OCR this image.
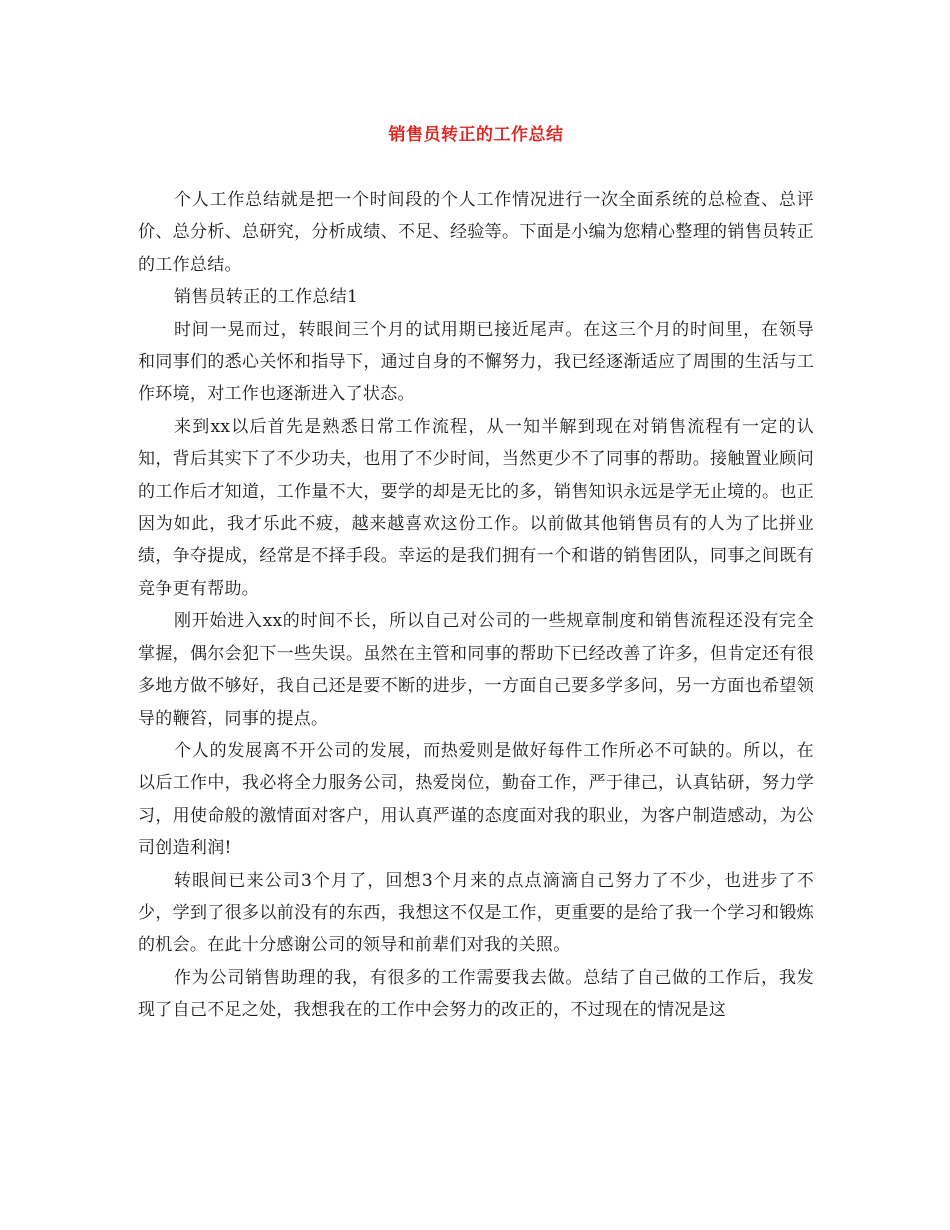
销售员转正的工作总结

个人工作总结就是把一个时间段的个人工作情况进行一次全面系统的总检查、总评价、总分析、总研究，分析成绩、不足、经验等。下面是小编为您精心整理的销售员转正的工作总结。

销售员转正的工作总结1

时间一晃而过，转眼间三个月的试用期已接近尾声。在这三个月的时间里，在领导和同事们的悉心关怀和指导下，通过自身的不懈努力，我已经逐渐适应了周围的生活与工作环境，对工作也逐渐进入了状态。

来到xx以后首先是熟悉日常工作流程，从一知半解到现在对销售流程有一定的认知，背后其实下了不少功夫，也用了不少时间，当然更少不了同事的帮助。接触置业顾问的工作后才知道，工作量不大，要学的却是无比的多，销售知识永远是学无止境的。也正因为如此，我才乐此不疲，越来越喜欢这份工作。以前做其他销售员有的人为了比拼业绩，争夺提成，经常是不择手段。幸运的是我们拥有一个和谐的销售团队，同事之间既有竞争更有帮助。

刚开始进入xx的时间不长，所以自己对公司的一些规章制度和销售流程还没有完全掌握，偶尔会犯下一些失误。虽然在主管和同事的帮助下已经改善了许多，但肯定还有很多地方做不够好，我自己还是要不断的进步，一方面自己要多学多问，另一方面也希望领导的鞭笞，同事的提点。

个人的发展离不开公司的发展，而热爱则是做好每件工作所必不可缺的。所以，在以后工作中，我必将全力服务公司，热爱岗位，勤奋工作，严于律己，认真钻研，努力学习，用使命般的激情面对客户，用认真严谨的态度面对我的职业，为客户制造感动，为公司创造利润!

转眼间已来公司3个月了，回想3个月来的点点滴滴自己努力了不少，也进步了不少，学到了很多以前没有的东西，我想这不仅是工作，更重要的是给了我一个学习和锻炼的机会。在此十分感谢公司的领导和前辈们对我的关照。

作为公司销售助理的我，有很多的工作需要我去做。总结了自己做的工作后，我发现了自己不足之处，我想我在的工作中会努力的改正的，不过现在的情况是这
